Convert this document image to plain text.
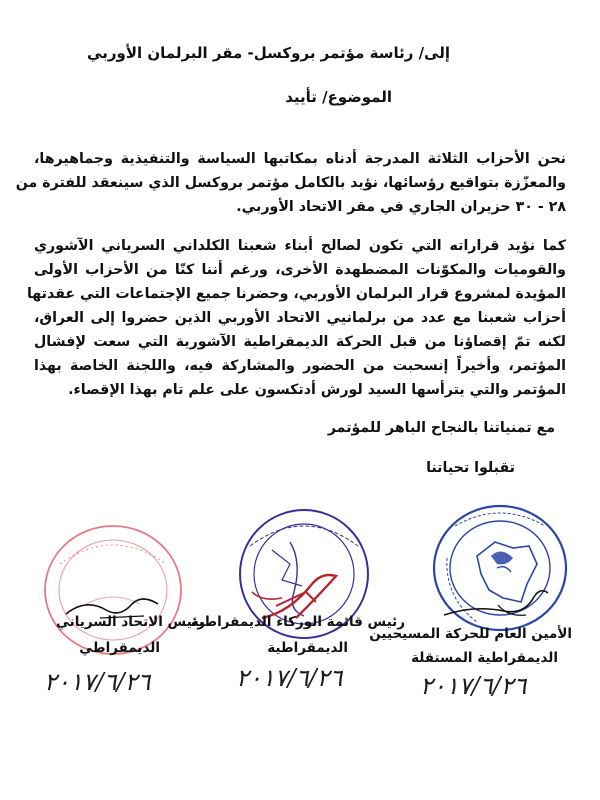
إلى/ رئاسة مؤتمر بروكسل- مقر البرلمان الأوربي
الموضوع/ تأييد
نحن الأحزاب الثلاثة المدرجة أدناه بمكاتبها السياسة والتنفيذية وجماهيرها،
والمعزّزة بتواقيع رؤسائها، نؤيد بالكامل مؤتمر بروكسل الذي سينعقد للفترة من
٢٨ - ٣٠ حزيران الجاري في مقر الاتحاد الأوربي.
كما نؤيد قراراته التي تكون لصالح أبناء شعبنا الكلداني السرياني الآشوري
والقوميات والمكوّنات المضطهدة الأخرى، ورغم أننا كنّا من الأحزاب الأولى
المؤيدة لمشروع قرار البرلمان الأوربي، وحضرنا جميع الإجتماعات التي عقدتها
أحزاب شعبنا مع عدد من برلمانيي الاتحاد الأوربي الذين حضروا إلى العراق،
لكنه تمّ إقصاؤنا من قبل الحركة الديمقراطية الآشورية التي سعت لإفشال
المؤتمر، وأخيراً إنسحبت من الحضور والمشاركة فيه، واللجنة الخاصة بهذا
المؤتمر والتي يترأسها السيد لورش أدتكسون على علم تام بهذا الإقصاء.
مع تمنياتنا بالنجاح الباهر للمؤتمر
تقبلوا تحياتنا
الأمين العام للحركة المسيحيين
الديمقراطية المستقلة
رئيس قائمة الوركاء الديمقراطية
الديمقراطية
رئيس الاتحاد السرياني
الديمقراطي
٢٠١٧/٦/٢٦
٢٠١٧/٦/٢٦
٢٠١٧/٦/٢٦
